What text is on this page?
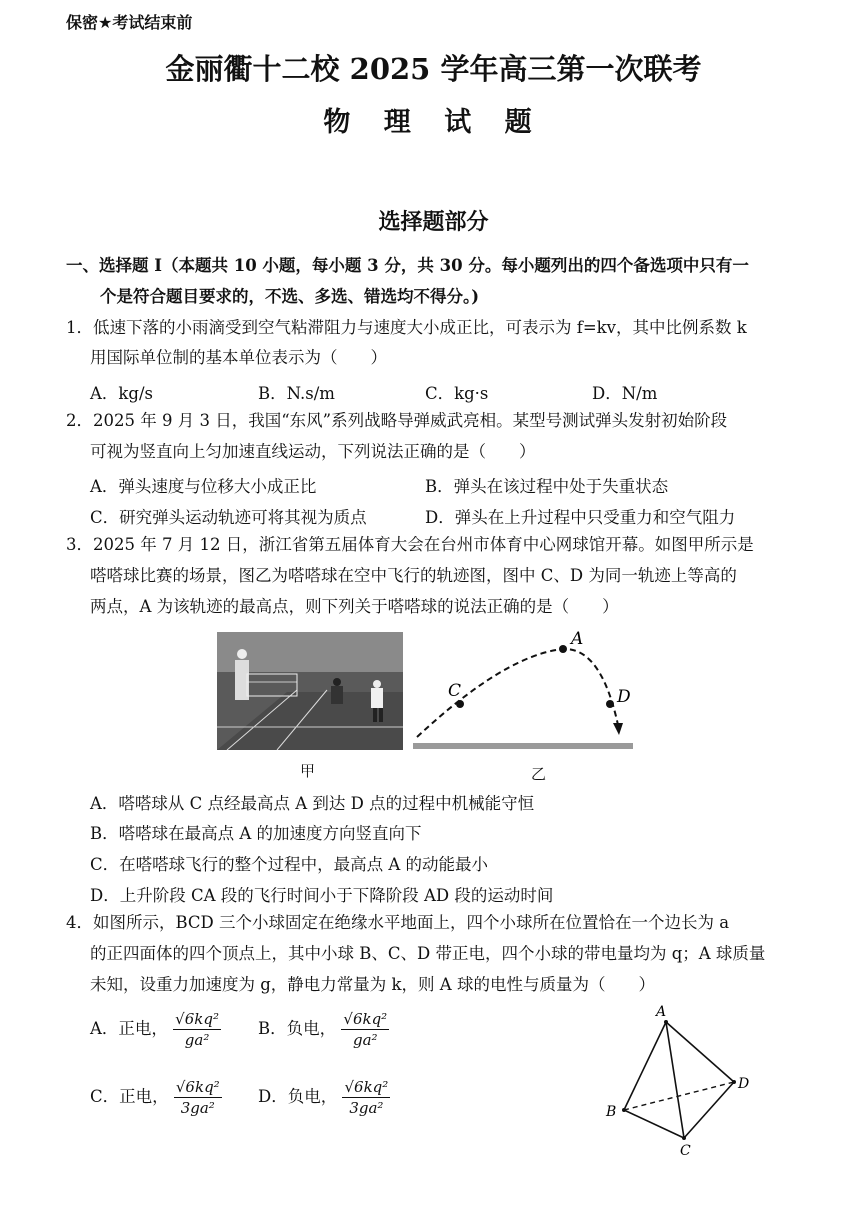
保密★考试结束前
金丽衢十二校 2025 学年高三第一次联考
物 理 试 题
选择题部分
一、选择题 I（本题共 10 小题，每小题 3 分，共 30 分。每小题列出的四个备选项中只有一
个是符合题目要求的，不选、多选、错选均不得分。)
1．低速下落的小雨滴受到空气粘滞阻力与速度大小成正比，可表示为 f=kv，其中比例系数 k
用国际单位制的基本单位表示为（　　）
A．kg/s	B．N.s/m	C．kg·s	D．N/m
2．2025 年 9 月 3 日，我国“东风”系列战略导弹威武亮相。某型号测试弹头发射初始阶段
可视为竖直向上匀加速直线运动，下列说法正确的是（　　）
A．弹头速度与位移大小成正比	B．弹头在该过程中处于失重状态
C．研究弹头运动轨迹可将其视为质点	D．弹头在上升过程中只受重力和空气阻力
3．2025 年 7 月 12 日，浙江省第五届体育大会在台州市体育中心网球馆开幕。如图甲所示是
嗒嗒球比赛的场景，图乙为嗒嗒球在空中飞行的轨迹图，图中 C、D 为同一轨迹上等高的
两点，A 为该轨迹的最高点，则下列关于嗒嗒球的说法正确的是（　　）
甲
C
A
D
乙
A．嗒嗒球从 C 点经最高点 A 到达 D 点的过程中机械能守恒
B．嗒嗒球在最高点 A 的加速度方向竖直向下
C．在嗒嗒球飞行的整个过程中，最高点 A 的动能最小
D．上升阶段 CA 段的飞行时间小于下降阶段 AD 段的运动时间
4．如图所示，BCD 三个小球固定在绝缘水平地面上，四个小球所在位置恰在一个边长为 a
的正四面体的四个顶点上，其中小球 B、C、D 带正电，四个小球的带电量均为 q；A 球质量
未知，设重力加速度为 g，静电力常量为 k，则 A 球的电性与质量为（　　）
A．正电， $\frac{\text{√6kq²}}{\text{ga²}}$ B．负电， $\frac{\text{√6kq²}}{\text{ga²}}$
C．正电， $\frac{\text{√6kq²}}{\text{3ga²}}$ D．负电， $\frac{\text{√6kq²}}{\text{3ga²}}$
A
B
C
D
